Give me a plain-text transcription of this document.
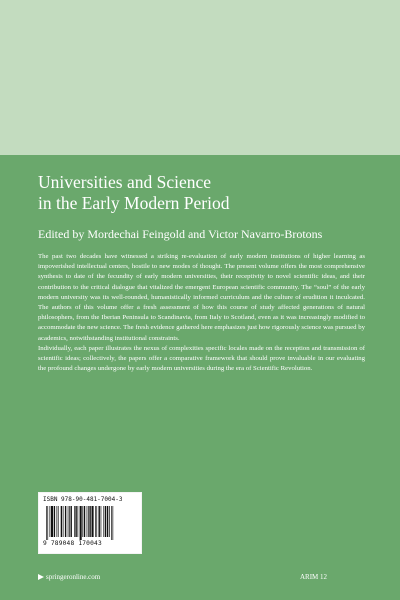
Universities and Science
in the Early Modern Period

Edited by Mordechai Feingold and Victor Navarro-Brotons

The past two decades have witnessed a striking re-evaluation of early modern institutions of higher learning as impoverished intellectual centers, hostile to new modes of thought. The present volume offers the most comprehensive synthesis to date of the fecundity of early modern universities, their receptivity to novel scientific ideas, and their contribution to the critical dialogue that vitalized the emergent European scientific community. The “soul” of the early modern university was its well-rounded, humanistically informed curriculum and the culture of erudition it inculcated. The authors of this volume offer a fresh assessment of how this course of study affected generations of natural philosophers, from the Iberian Peninsula to Scandinavia, from Italy to Scotland, even as it was increasingly modified to accommodate the new science. The fresh evidence gathered here emphasizes just how rigorously science was pursued by academics, notwithstanding institutional constraints.

Individually, each paper illustrates the nexus of complexities specific locales made on the reception and transmission of scientific ideas; collectively, the papers offer a comparative framework that should prove invaluable in our evaluating the profound changes undergone by early modern universities during the era of Scientific Revolution.

ISBN 978-90-481-7004-3
9 789048 170043
springeronline.com	ARIM 12
